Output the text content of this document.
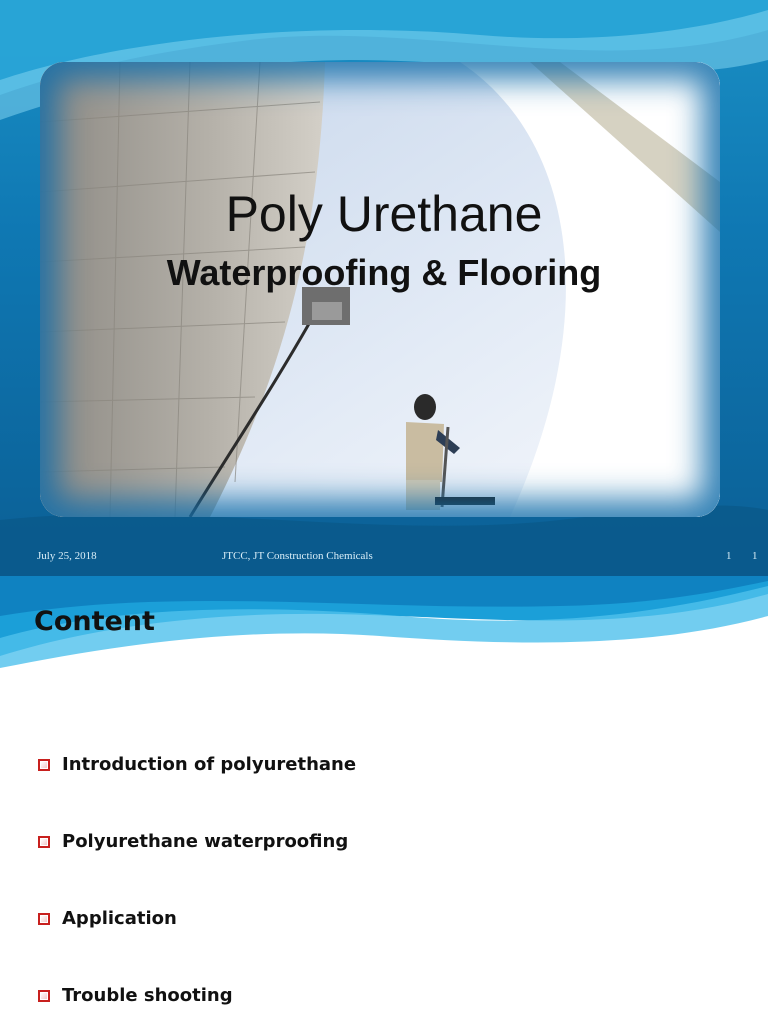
Poly Urethane
Waterproofing & Flooring
July 25, 2018	JTCC, JT Construction Chemicals	1 1
Content
Introduction of polyurethane
Polyurethane waterproofing
Application
Trouble shooting
